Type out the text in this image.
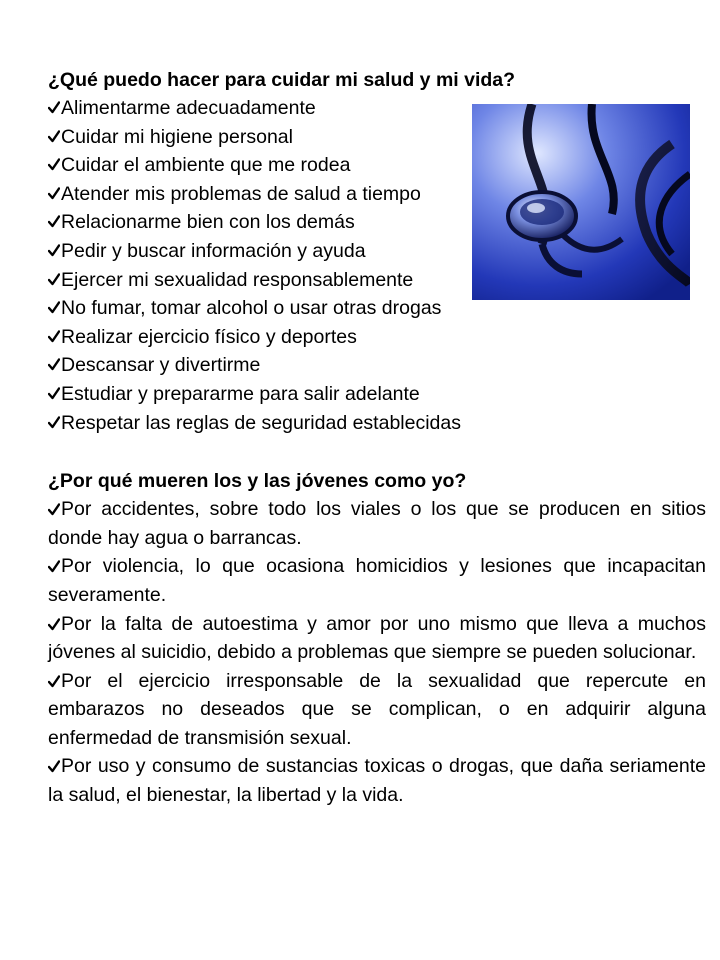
¿Qué puedo hacer para cuidar mi salud y mi vida?

Alimentarme adecuadamente
Cuidar mi higiene personal
Cuidar el ambiente que me rodea
Atender mis problemas de salud a tiempo
Relacionarme bien con los demás
Pedir y buscar información y ayuda
Ejercer mi sexualidad responsablemente
No fumar, tomar alcohol o usar otras drogas
Realizar ejercicio físico y deportes
Descansar y divertirme
Estudiar y prepararme para salir adelante
Respetar las reglas de seguridad establecidas

¿Por qué mueren los y las jóvenes como yo?

Por accidentes, sobre todo los viales o los que se producen en sitios donde hay agua o barrancas.
Por violencia, lo que ocasiona homicidios y lesiones que incapacitan severamente.
Por la falta de autoestima y amor por uno mismo que lleva a muchos jóvenes al suicidio, debido a problemas que siempre se pueden solucionar.
Por el ejercicio irresponsable de la sexualidad que repercute en embarazos no deseados que se complican, o en adquirir alguna enfermedad de transmisión sexual.
Por uso y consumo de sustancias toxicas o drogas, que daña seriamente la salud, el bienestar, la libertad y la vida.
